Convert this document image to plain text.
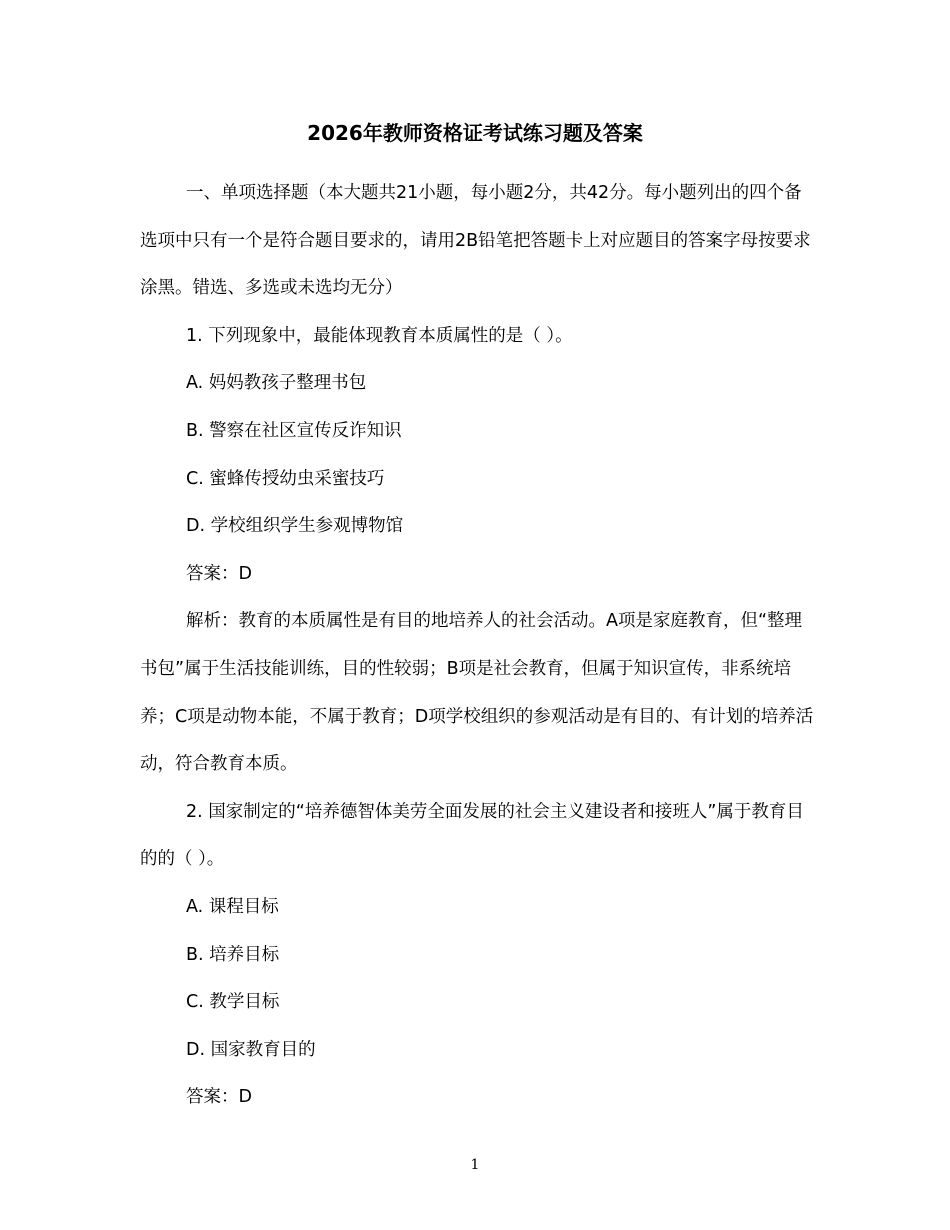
2026年教师资格证考试练习题及答案

一、单项选择题（本大题共21小题，每小题2分，共42分。每小题列出的四个备选项中只有一个是符合题目要求的，请用2B铅笔把答题卡上对应题目的答案字母按要求涂黑。错选、多选或未选均无分）

1. 下列现象中，最能体现教育本质属性的是（ ）。

A. 妈妈教孩子整理书包

B. 警察在社区宣传反诈知识

C. 蜜蜂传授幼虫采蜜技巧

D. 学校组织学生参观博物馆

答案：D

解析：教育的本质属性是有目的地培养人的社会活动。A项是家庭教育，但“整理书包”属于生活技能训练，目的性较弱；B项是社会教育，但属于知识宣传，非系统培养；C项是动物本能，不属于教育；D项学校组织的参观活动是有目的、有计划的培养活动，符合教育本质。

2. 国家制定的“培养德智体美劳全面发展的社会主义建设者和接班人”属于教育目的的（ ）。

A. 课程目标

B. 培养目标

C. 教学目标

D. 国家教育目的

答案：D

1
